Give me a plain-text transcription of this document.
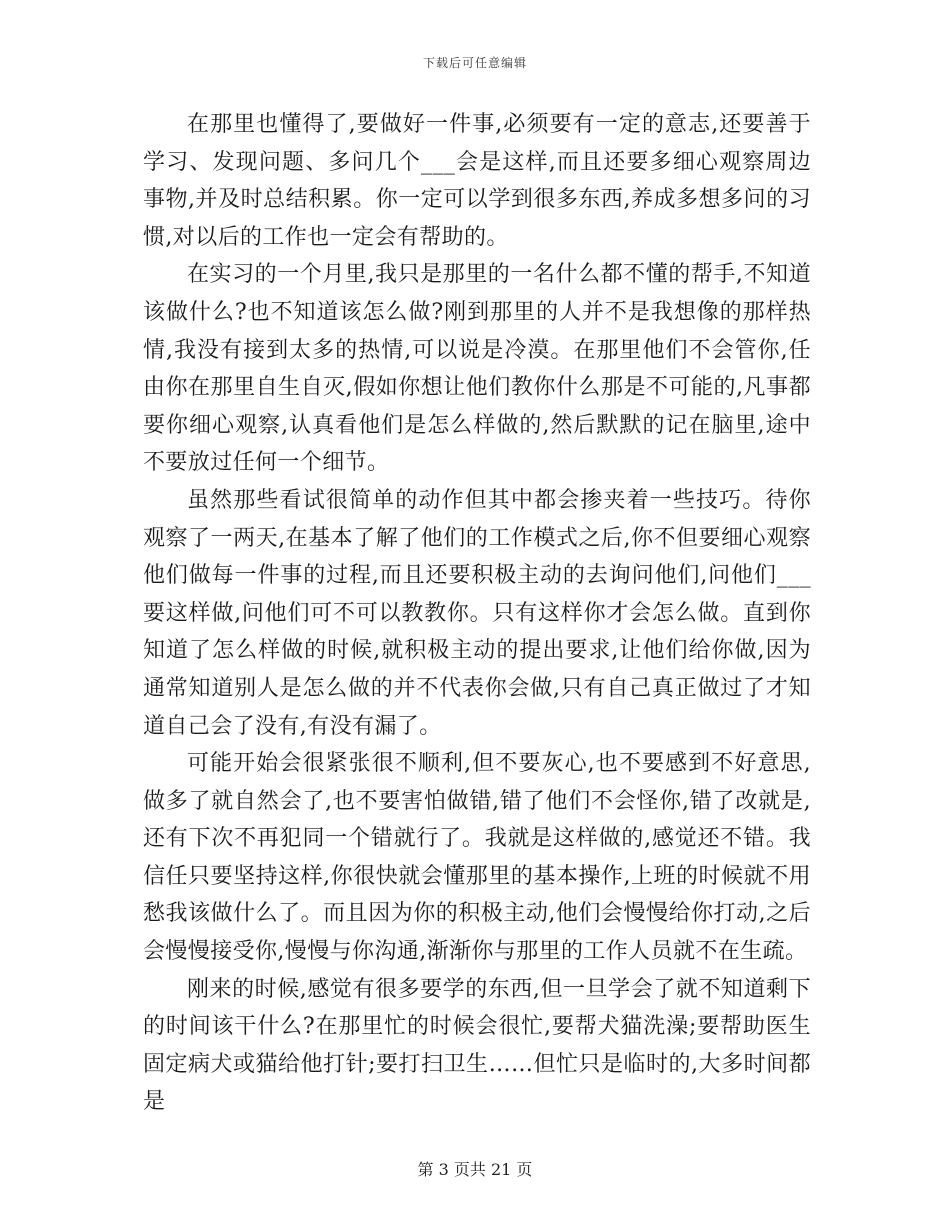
下载后可任意编辑

在那里也懂得了,要做好一件事,必须要有一定的意志,还要善于学习、发现问题、多问几个___会是这样,而且还要多细心观察周边事物,并及时总结积累。你一定可以学到很多东西,养成多想多问的习惯,对以后的工作也一定会有帮助的。

在实习的一个月里,我只是那里的一名什么都不懂的帮手,不知道该做什么?也不知道该怎么做?刚到那里的人并不是我想像的那样热情,我没有接到太多的热情,可以说是冷漠。在那里他们不会管你,任由你在那里自生自灭,假如你想让他们教你什么那是不可能的,凡事都要你细心观察,认真看他们是怎么样做的,然后默默的记在脑里,途中不要放过任何一个细节。

虽然那些看试很简单的动作但其中都会掺夹着一些技巧。待你观察了一两天,在基本了解了他们的工作模式之后,你不但要细心观察他们做每一件事的过程,而且还要积极主动的去询问他们,问他们___要这样做,问他们可不可以教教你。只有这样你才会怎么做。直到你知道了怎么样做的时候,就积极主动的提出要求,让他们给你做,因为通常知道别人是怎么做的并不代表你会做,只有自己真正做过了才知道自己会了没有,有没有漏了。

可能开始会很紧张很不顺利,但不要灰心,也不要感到不好意思,做多了就自然会了,也不要害怕做错,错了他们不会怪你,错了改就是,还有下次不再犯同一个错就行了。我就是这样做的,感觉还不错。我信任只要坚持这样,你很快就会懂那里的基本操作,上班的时候就不用愁我该做什么了。而且因为你的积极主动,他们会慢慢给你打动,之后会慢慢接受你,慢慢与你沟通,渐渐你与那里的工作人员就不在生疏。

刚来的时候,感觉有很多要学的东西,但一旦学会了就不知道剩下的时间该干什么?在那里忙的时候会很忙,要帮犬猫洗澡;要帮助医生固定病犬或猫给他打针;要打扫卫生……但忙只是临时的,大多时间都是

第 3 页共 21 页
